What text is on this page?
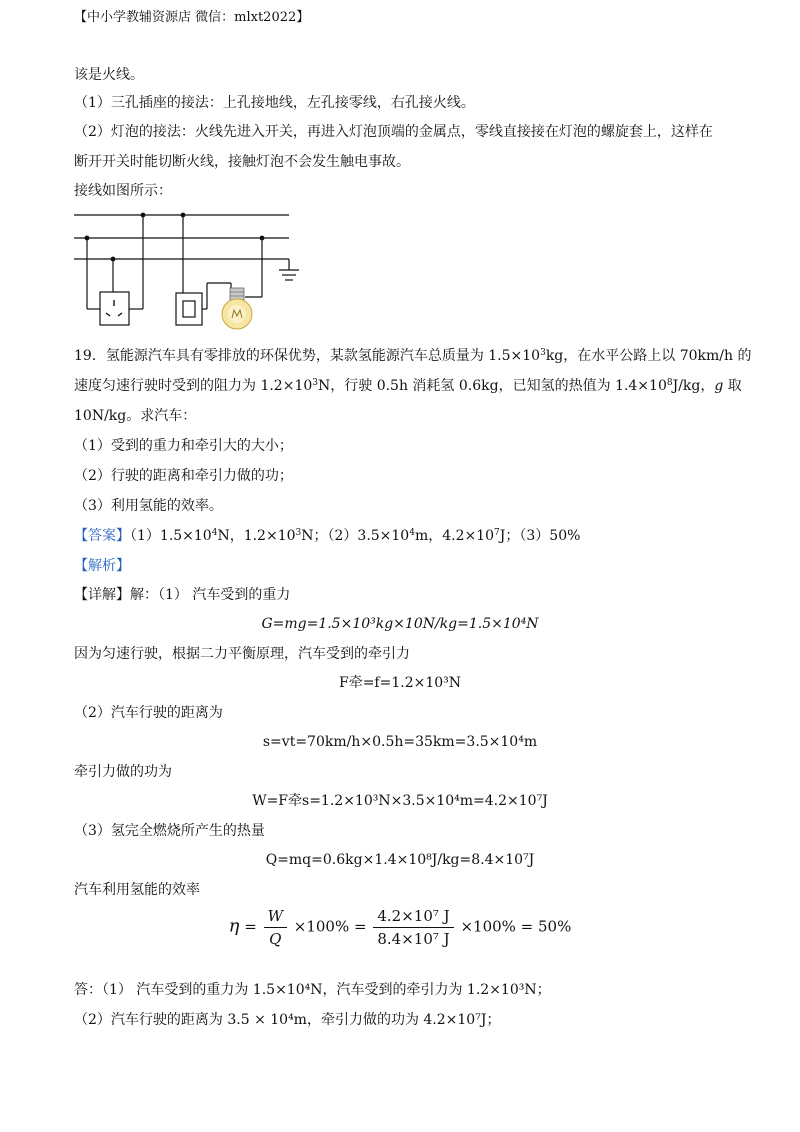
【中小学教辅资源店 微信：mlxt2022】
该是火线。
（1）三孔插座的接法：上孔接地线，左孔接零线，右孔接火线。
（2）灯泡的接法：火线先进入开关，再进入灯泡顶端的金属点，零线直接接在灯泡的螺旋套上，这样在
断开开关时能切断火线，接触灯泡不会发生触电事故。
接线如图所示：
19．氢能源汽车具有零排放的环保优势，某款氢能源汽车总质量为 $1.5\times 10^3kg$，在水平公路上以 70km/h 的
速度匀速行驶时受到的阻力为 $1.2\times 10^3N$，行驶 0.5h 消耗氢 0.6kg，已知氢的热值为 $1.4\times 10^8J/kg$，g 取
10N/kg。求汽车：
（1）受到的重力和牵引大的大小；
（2）行驶的距离和牵引力做的功；
（3）利用氢能的效率。
【答案】$(1)1.5\times 10^4N$，$1.2\times 10^3N$；$(2)3.5\times 10^4m$，$4.2\times 10^7J$；（3）50%
【解析】
【详解】解：（1） 汽车受到的重力
G=mg=1.5×10³kg×10N/kg=1.5×10⁴N
因为匀速行驶，根据二力平衡原理，汽车受到的牵引力
F牵=f=1.2×10³N
（2）汽车行驶的距离为
s=vt=70km/h×0.5h=35km=3.5×10⁴m
牵引力做的功为
W=F牵s=1.2×10³N×3.5×10⁴m=4.2×10⁷J
（3）氢完全燃烧所产生的热量
Q=mq=0.6kg×1.4×10⁸J/kg=8.4×10⁷J
汽车利用氢能的效率
$\eta = \frac{W}{Q} \times 100\% = \frac{\text{4.2×10⁷ J}}{\text{8.4×10⁷ J}} \times 100\% = 50\%$
答：（1） 汽车受到的重力为 1.5×10⁴N，汽车受到的牵引力为 1.2×10³N；
（2）汽车行驶的距离为 3.5 × 10⁴m，牵引力做的功为 4.2×10⁷J；
